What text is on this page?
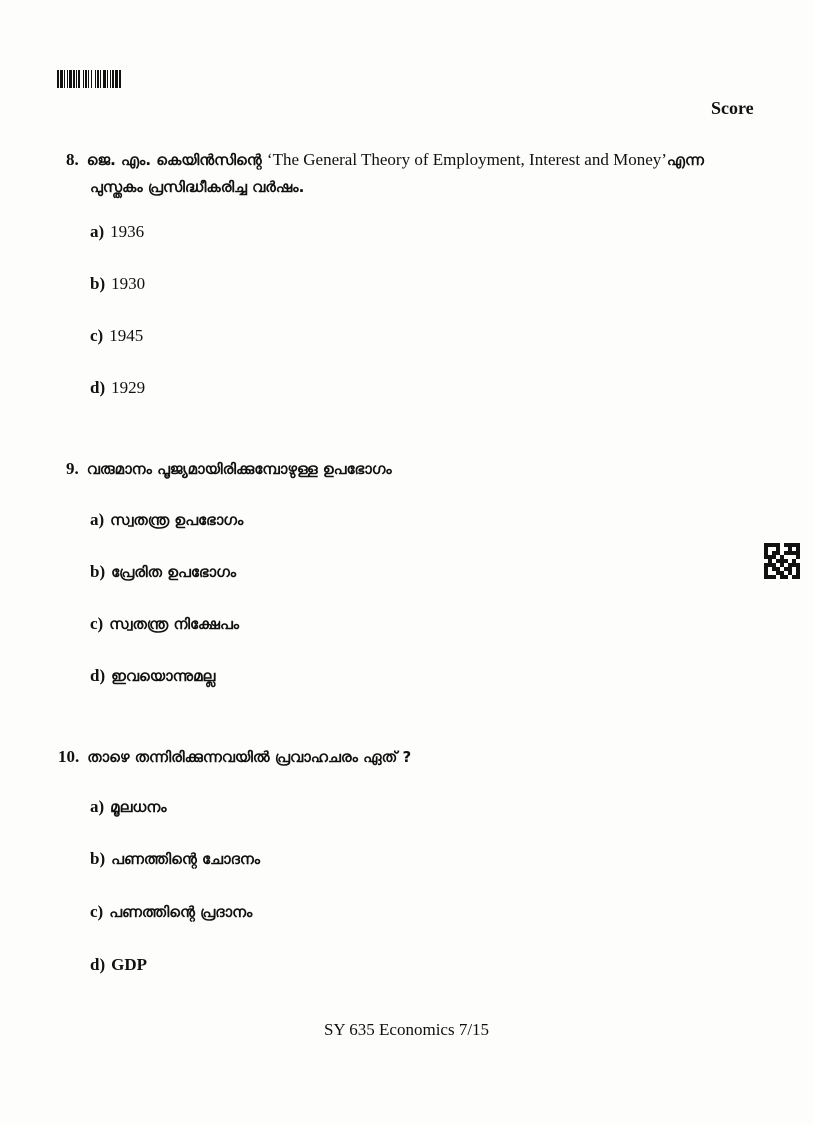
Score
8. ജെ. എം. കെയിൻസിന്റെ ‘The General Theory of Employment, Interest and Money’എന്ന
പുസ്തകം പ്രസിദ്ധീകരിച്ച വർഷം.
a) 1936
b) 1930
c) 1945
d) 1929
9. വരുമാനം പൂജ്യമായിരിക്കുമ്പോഴുള്ള ഉപഭോഗം
a) സ്വതന്ത്ര ഉപഭോഗം
b) പ്രേരിത ഉപഭോഗം
c) സ്വതന്ത്ര നിക്ഷേപം
d) ഇവയൊന്നുമല്ല
10. താഴെ തന്നിരിക്കുന്നവയിൽ പ്രവാഹചരം ഏത് ?
a) മൂലധനം
b) പണത്തിന്റെ ചോദനം
c) പണത്തിന്റെ പ്രദാനം
d) GDP
SY 635 Economics 7/15
